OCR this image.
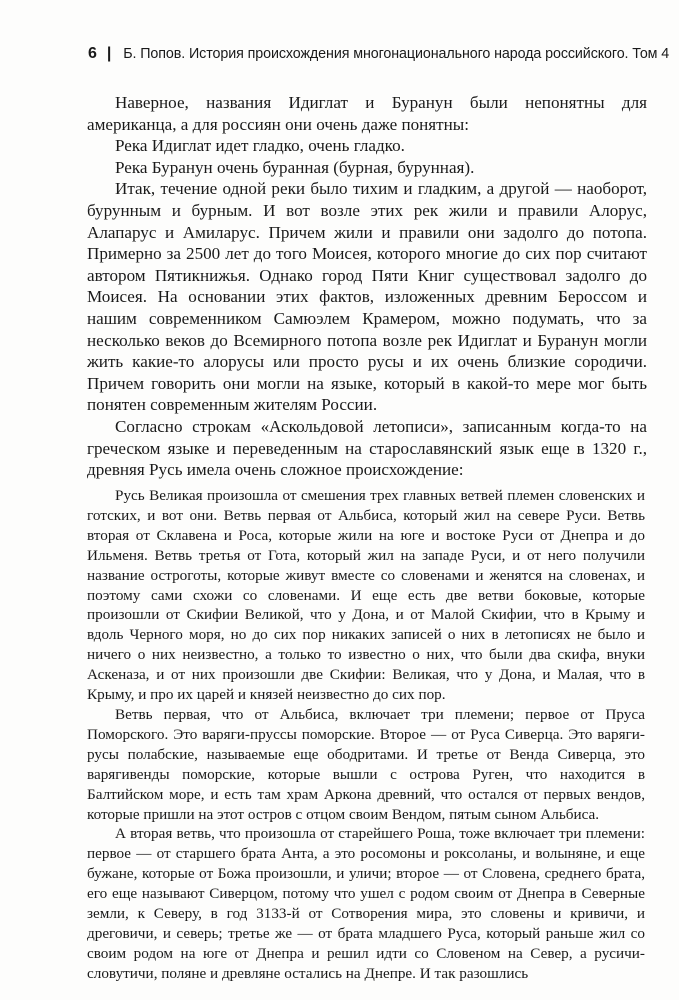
6 | Б. Попов. История происхождения многонационального народа российского. Том 4

Наверное, названия Идиглат и Буранун были непонятны для американца, а для россиян они очень даже понятны:

Река Идиглат идет гладко, очень гладко.

Река Буранун очень буранная (бурная, бурунная).

Итак, течение одной реки было тихим и гладким, а другой — наоборот, бурунным и бурным. И вот возле этих рек жили и правили Алорус, Алапарус и Амиларус. Причем жили и правили они задолго до потопа. Примерно за 2500 лет до того Моисея, которого многие до сих пор считают автором Пятикнижья. Однако город Пяти Книг существовал задолго до Моисея. На основании этих фактов, изложенных древним Бероссом и нашим современником Самюэлем Крамером, можно подумать, что за несколько веков до Всемирного потопа возле рек Идиглат и Буранун могли жить какие-то алорусы или просто русы и их очень близкие сородичи. Причем говорить они могли на языке, который в какой-то мере мог быть понятен современным жителям России.

Согласно строкам «Аскольдовой летописи», записанным когда-то на греческом языке и переведенным на старославянский язык еще в 1320 г., древняя Русь имела очень сложное происхождение:

Русь Великая произошла от смешения трех главных ветвей племен словенских и готских, и вот они. Ветвь первая от Альбиса, который жил на севере Руси. Ветвь вторая от Склавена и Роса, которые жили на юге и востоке Руси от Днепра и до Ильменя. Ветвь третья от Гота, который жил на западе Руси, и от него получили название остроготы, которые живут вместе со словенами и женятся на словенах, и поэтому сами схожи со словенами. И еще есть две ветви боковые, которые произошли от Скифии Великой, что у Дона, и от Малой Скифии, что в Крыму и вдоль Черного моря, но до сих пор никаких записей о них в летописях не было и ничего о них неизвестно, а только то известно о них, что были два скифа, внуки Аскеназа, и от них произошли две Скифии: Великая, что у Дона, и Малая, что в Крыму, и про их царей и князей неизвестно до сих пор.

Ветвь первая, что от Альбиса, включает три племени; первое от Пруса Поморского. Это варяги-пруссы поморские. Второе — от Руса Сиверца. Это варяги-русы полабские, называемые еще ободритами. И третье от Венда Сиверца, это варягивенды поморские, которые вышли с острова Руген, что находится в Балтийском море, и есть там храм Аркона древний, что остался от первых вендов, которые пришли на этот остров с отцом своим Вендом, пятым сыном Альбиса.

А вторая ветвь, что произошла от старейшего Роша, тоже включает три племени: первое — от старшего брата Анта, а это росомоны и роксоланы, и волыняне, и еще бужане, которые от Божа произошли, и уличи; второе — от Словена, среднего брата, его еще называют Сиверцом, потому что ушел с родом своим от Днепра в Северные земли, к Северу, в год 3133-й от Сотворения мира, это словены и кривичи, и дреговичи, и северь; третье же — от брата младшего Руса, который раньше жил со своим родом на юге от Днепра и решил идти со Словеном на Север, а русичи-словутичи, поляне и древляне остались на Днепре. И так разошлись
